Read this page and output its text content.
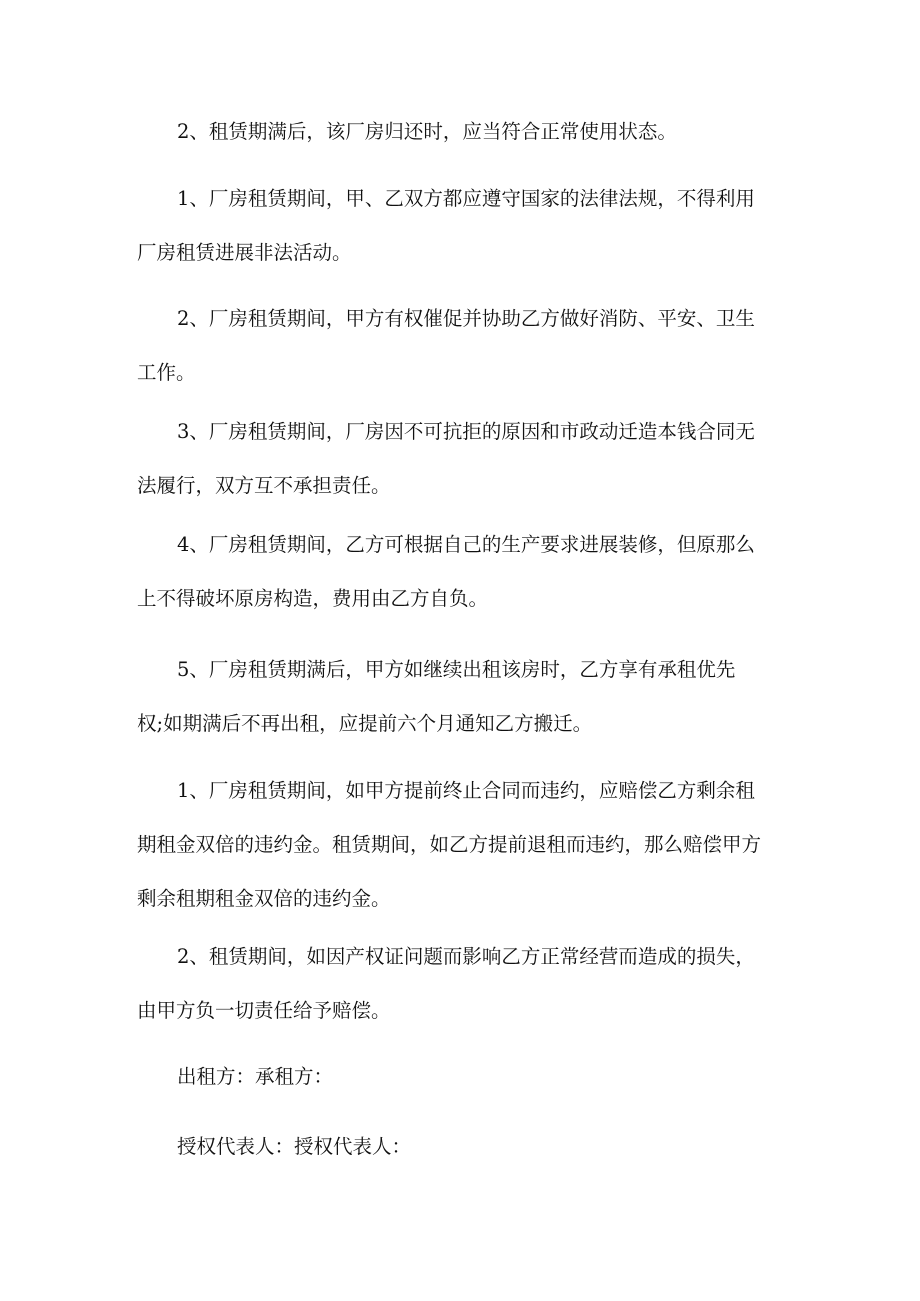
2、租赁期满后，该厂房归还时，应当符合正常使用状态。
1、厂房租赁期间，甲、乙双方都应遵守国家的法律法规，不得利用
厂房租赁进展非法活动。
2、厂房租赁期间，甲方有权催促并协助乙方做好消防、平安、卫生
工作。
3、厂房租赁期间，厂房因不可抗拒的原因和市政动迁造本钱合同无
法履行，双方互不承担责任。
4、厂房租赁期间，乙方可根据自己的生产要求进展装修，但原那么
上不得破坏原房构造，费用由乙方自负。
5、厂房租赁期满后，甲方如继续出租该房时，乙方享有承租优先
权;如期满后不再出租，应提前六个月通知乙方搬迁。
1、厂房租赁期间，如甲方提前终止合同而违约，应赔偿乙方剩余租
期租金双倍的违约金。租赁期间，如乙方提前退租而违约，那么赔偿甲方
剩余租期租金双倍的违约金。
2、租赁期间，如因产权证问题而影响乙方正常经营而造成的损失，
由甲方负一切责任给予赔偿。
出租方：承租方：
授权代表人：授权代表人：
